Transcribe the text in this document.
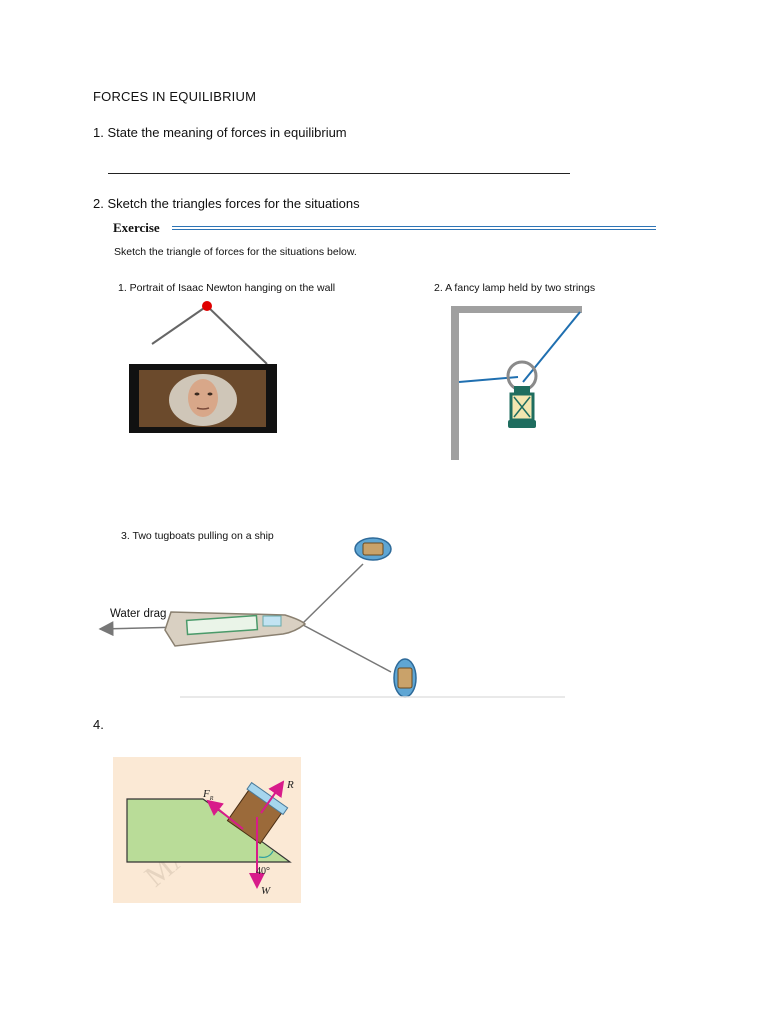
FORCES IN EQUILIBRIUM
1. State the meaning of forces in equilibrium
2. Sketch the triangles forces for the situations
Exercise
Sketch the triangle of forces for the situations below.
1. Portrait of Isaac Newton hanging on the wall	2. A fancy lamp held by two strings
3. Two tugboats pulling on a ship
Water drag
4.
$F_R$
R
W
40°
